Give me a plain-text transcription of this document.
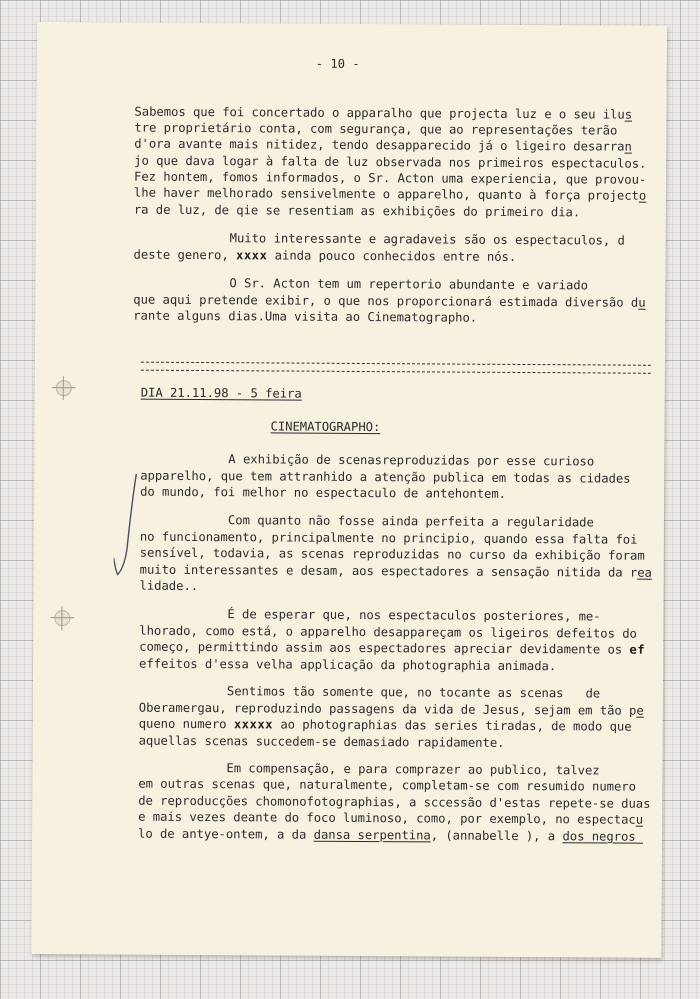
- 10 -
Sabemos que foi concertado o apparalho que projecta luz e o seu ilus
tre proprietário conta, com segurança, que ao representações terão
d'ora avante mais nitidez, tendo desapparecido já o ligeiro desarran
jo que dava logar à falta de luz observada nos primeiros espectaculos.
Fez hontem, fomos informados, o Sr. Acton uma experiencia, que provou-
lhe haver melhorado sensivelmente o apparelho, quanto à força projecto
ra de luz, de qie se resentiam as exhibições do primeiro dia.
Muito interessante e agradaveis são os espectaculos, d
deste genero, xxxx ainda pouco conhecidos entre nós.
O Sr. Acton tem um repertorio abundante e variado
que aqui pretende exibir, o que nos proporcionará estimada diversão du
rante alguns dias.Uma visita ao Cinematographo.
DIA 21.11.98 - 5 feira
CINEMATOGRAPHO:
A exhibição de scenasreproduzidas por esse curioso
apparelho, que tem attranhido a atenção publica em todas as cidades
do mundo, foi melhor no espectaculo de antehontem.
Com quanto não fosse ainda perfeita a regularidade
no funcionamento, principalmente no principio, quando essa falta foi
sensível, todavia, as scenas reproduzidas no curso da exhibição foram
muito interessantes e desam, aos espectadores a sensação nitida da rea
lidade..
É de esperar que, nos espectaculos posteriores, me-
lhorado, como está, o apparelho desappareçam os ligeiros defeitos do
começo, permittindo assim aos espectadores apreciar devidamente os ef
effeitos d'essa velha applicação da photographia animada.
Sentimos tão somente que, no tocante as scenas   de
Oberamergau, reproduzindo passagens da vida de Jesus, sejam em tão pe
queno numero xxxxx ao photographias das series tiradas, de modo que
aquellas scenas succedem-se demasiado rapidamente.
Em compensação, e para comprazer ao publico, talvez
em outras scenas que, naturalmente, completam-se com resumido numero
de reproducções chomonofotographias, a sccessão d'estas repete-se duas
e mais vezes deante do foco luminoso, como, por exemplo, no espectacu
lo de antye-ontem, a da dansa serpentina, (annabelle ), a dos negros
